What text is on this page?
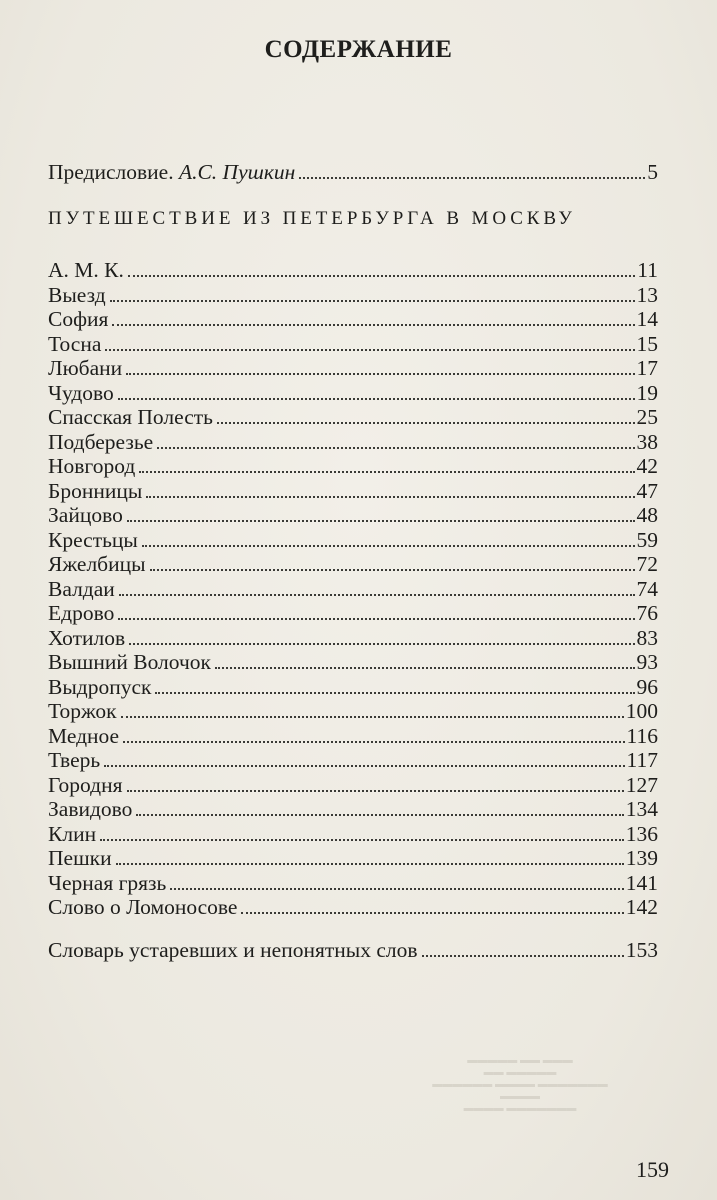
СОДЕРЖАНИЕ
Предисловие. А.С. Пушкин	5
ПУТЕШЕСТВИЕ ИЗ ПЕТЕРБУРГА В МОСКВУ
А. М. К.	11
Выезд	13
София	14
Тосна	15
Любани	17
Чудово	19
Спасская Полесть	25
Подберезье	38
Новгород	42
Бронницы	47
Зайцово	48
Крестьцы	59
Яжелбицы	72
Валдаи	74
Едрово	76
Хотилов	83
Вышний Волочок	93
Выдропуск	96
Торжок	100
Медное	116
Тверь	117
Городня	127
Завидово	134
Клин	136
Пешки	139
Черная грязь	141
Слово о Ломоносове	142
Словарь устаревших и непонятных слов	153
▬▬▬▬▬ ▬▬ ▬▬▬
▬▬ ▬▬▬▬▬
▬▬▬▬▬▬ ▬▬▬▬ ▬▬▬▬▬▬▬ ▬▬▬▬
▬▬▬▬ ▬▬▬▬▬▬▬
159
